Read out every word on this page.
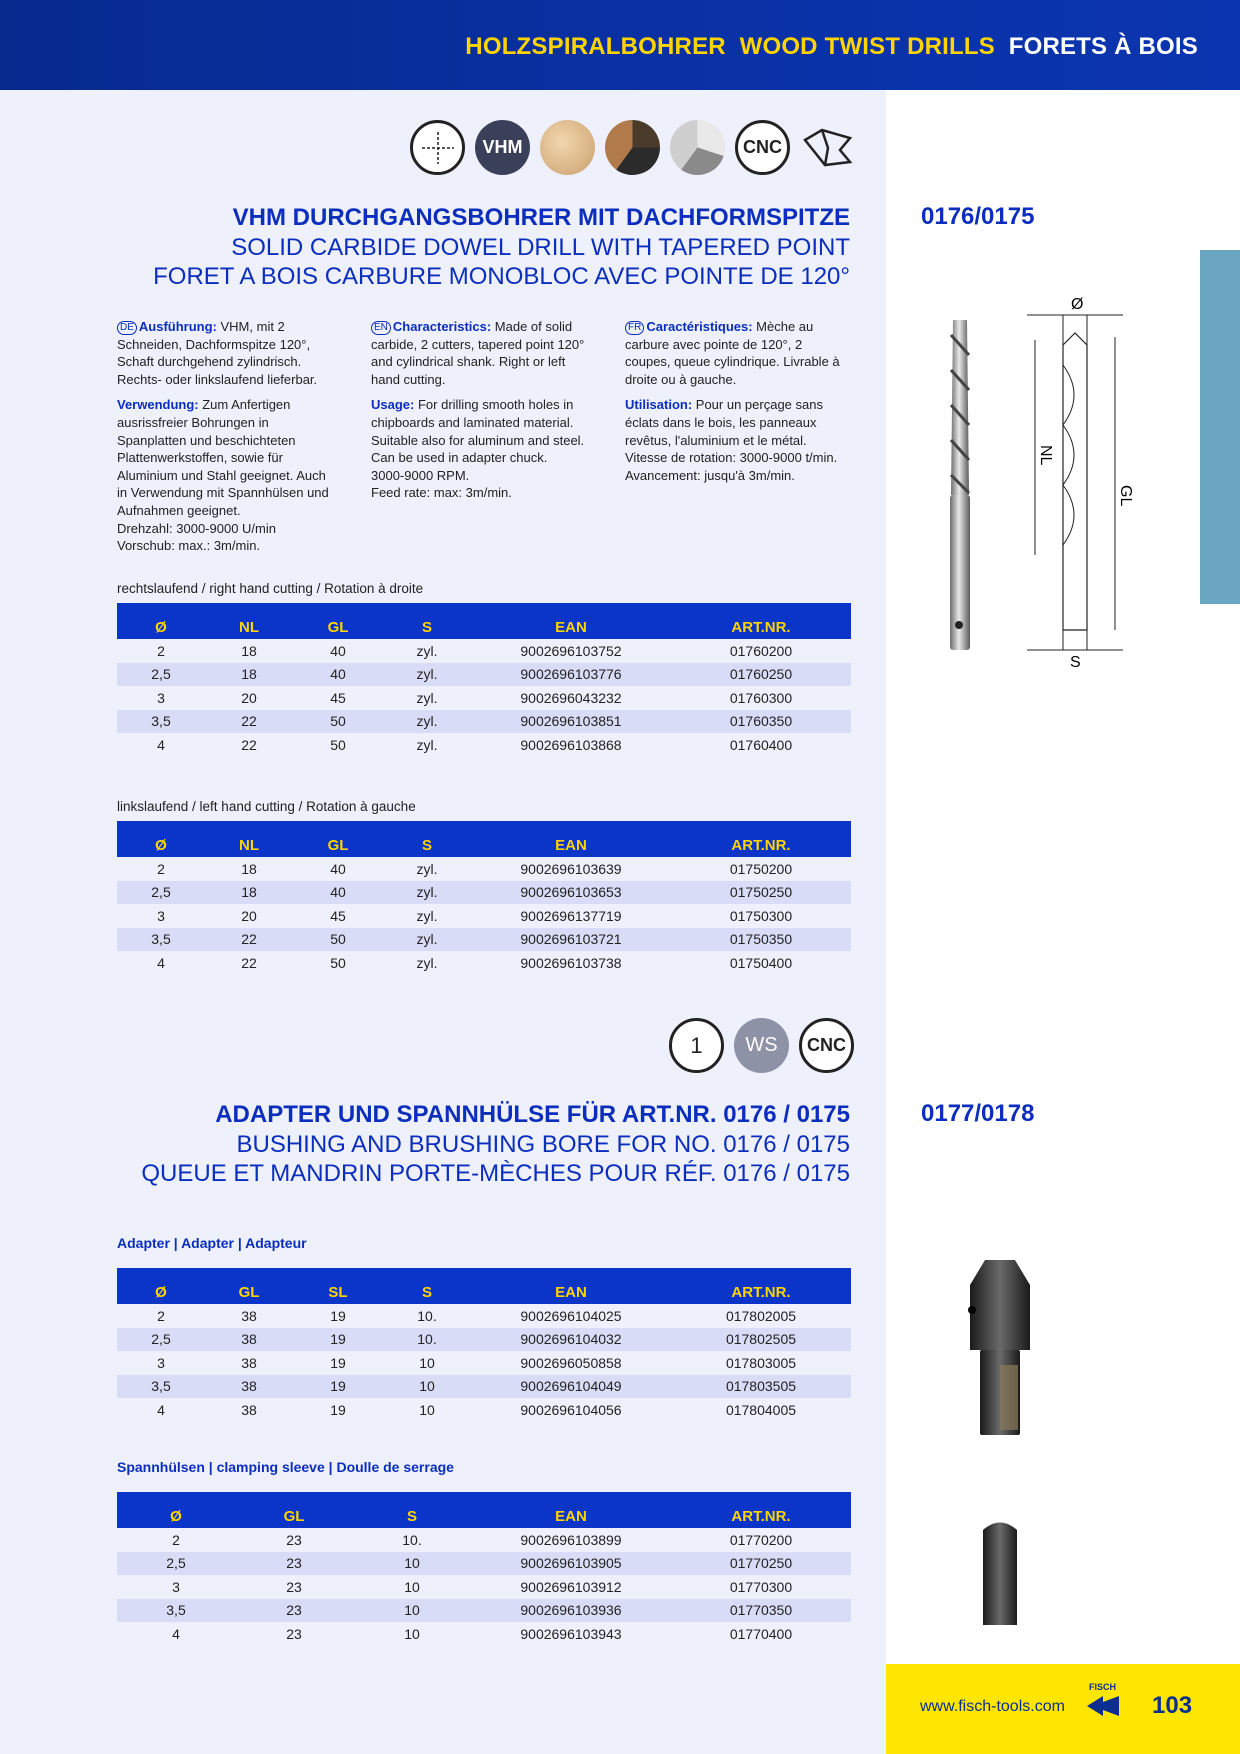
HOLZSPIRALBOHRER WOOD TWIST DRILLS FORETS À BOIS
VHM	CNC
VHM DURCHGANGSBOHRER MIT DACHFORMSPITZE
SOLID CARBIDE DOWEL DRILL WITH TAPERED POINT
FORET A BOIS CARBURE MONOBLOC AVEC POINTE DE 120°
0176/0175

DE Ausführung: VHM, mit 2 Schneiden, Dachformspitze 120°, Schaft durchgehend zylindrisch. Rechts- oder linkslaufend lieferbar.

Verwendung: Zum Anfertigen ausrissfreier Bohrungen in Spanplatten und beschichteten Plattenwerkstoffen, sowie für Aluminium und Stahl geeignet. Auch in Verwendung mit Spannhülsen und Aufnahmen geeignet.
Drehzahl: 3000-9000 U/min
Vorschub: max.: 3m/min.

EN Characteristics: Made of solid carbide, 2 cutters, tapered point 120° and cylindrical shank. Right or left hand cutting.

Usage: For drilling smooth holes in chipboards and laminated material. Suitable also for aluminum and steel. Can be used in adapter chuck.
3000-9000 RPM.
Feed rate: max: 3m/min.

FR Caractéristiques: Mèche au carbure avec pointe de 120°, 2 coupes, queue cylindrique. Livrable à droite ou à gauche.

Utilisation: Pour un perçage sans éclats dans le bois, les panneaux revêtus, l'aluminium et le métal.
Vitesse de rotation: 3000-9000 t/min.
Avancement: jusqu'à 3m/min.

Ø
NL
GL
S
rechtslaufend / right hand cutting / Rotation à droite
Ø	NL	GL	S	EAN	ART.NR.
2	18	40	zyl.	9002696103752	01760200
2,5	18	40	zyl.	9002696103776	01760250
3	20	45	zyl.	9002696043232	01760300
3,5	22	50	zyl.	9002696103851	01760350
4	22	50	zyl.	9002696103868	01760400
linkslaufend / left hand cutting / Rotation à gauche
Ø	NL	GL	S	EAN	ART.NR.
2	18	40	zyl.	9002696103639	01750200
2,5	18	40	zyl.	9002696103653	01750250
3	20	45	zyl.	9002696137719	01750300
3,5	22	50	zyl.	9002696103721	01750350
4	22	50	zyl.	9002696103738	01750400
1 WS CNC
ADAPTER UND SPANNHÜLSE FÜR ART.NR. 0176 / 0175
BUSHING AND BRUSHING BORE FOR NO. 0176 / 0175
QUEUE ET MANDRIN PORTE-MÈCHES POUR RÉF. 0176 / 0175
0177/0178
Adapter | Adapter | Adapteur
Ø	GL	SL	S	EAN	ART.NR.
2	38	19	10.	9002696104025	017802005
2,5	38	19	10.	9002696104032	017802505
3	38	19	10	9002696050858	017803005
3,5	38	19	10	9002696104049	017803505
4	38	19	10	9002696104056	017804005
Spannhülsen | clamping sleeve | Doulle de serrage
Ø	GL	S	EAN	ART.NR.
2	23	10.	9002696103899	01770200
2,5	23	10	9002696103905	01770250
3	23	10	9002696103912	01770300
3,5	23	10	9002696103936	01770350
4	23	10	9002696103943	01770400
www.fisch-tools.com
FISCH
103
